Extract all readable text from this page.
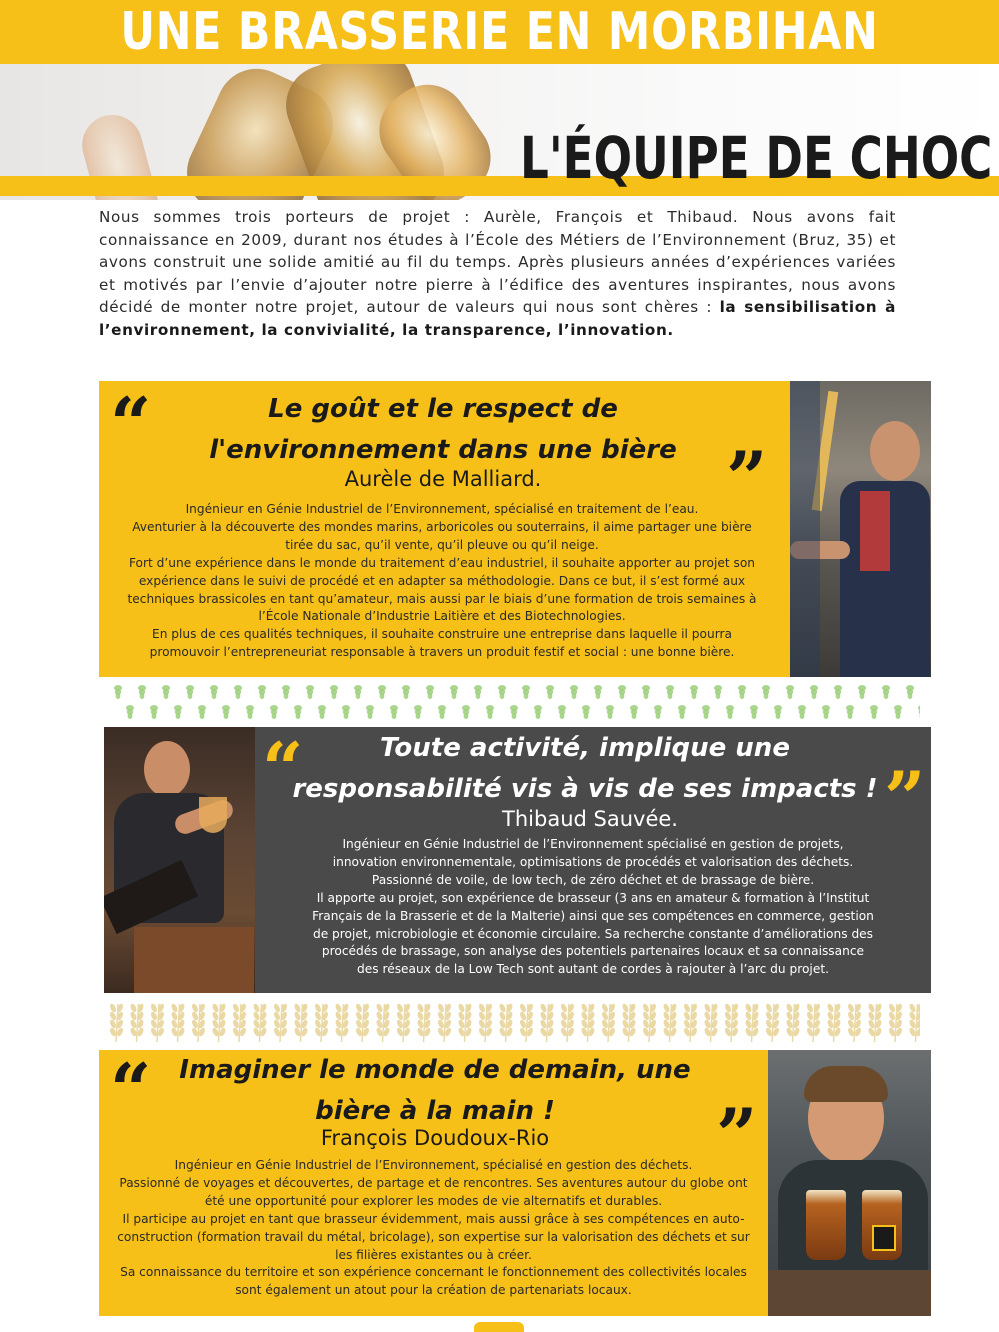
UNE BRASSERIE EN MORBIHAN
L'ÉQUIPE DE CHOC
Nous sommes trois porteurs de projet : Aurèle, François et Thibaud. Nous avons fait connaissance en 2009, durant nos études à l’École des Métiers de l’Environnement (Bruz, 35) et avons construit une solide amitié au fil du temps. Après plusieurs années d’expériences variées et motivés par l’envie d’ajouter notre pierre à l’édifice des aventures inspirantes, nous avons décidé de monter notre projet, autour de valeurs qui nous sont chères : la sensibilisation à l’environnement, la convivialité, la transparence, l’innovation.
“	Le goût et le respect de
l'environnement dans une bière ”
Aurèle de Malliard.
Ingénieur en Génie Industriel de l’Environnement, spécialisé en traitement de l’eau.
Aventurier à la découverte des mondes marins, arboricoles ou souterrains, il aime partager une bière
tirée du sac, qu’il vente, qu’il pleuve ou qu’il neige.
Fort d’une expérience dans le monde du traitement d’eau industriel, il souhaite apporter au projet son
expérience dans le suivi de procédé et en adapter sa méthodologie. Dans ce but, il s’est formé aux
techniques brassicoles en tant qu’amateur, mais aussi par le biais d’une formation de trois semaines à
l’École Nationale d’Industrie Laitière et des Biotechnologies.
En plus de ces qualités techniques, il souhaite construire une entreprise dans laquelle il pourra
promouvoir l’entrepreneuriat responsable à travers un produit festif et social : une bonne bière.
“	Toute activité, implique une
responsabilité vis à vis de ses impacts ! ”
Thibaud Sauvée.
Ingénieur en Génie Industriel de l’Environnement spécialisé en gestion de projets,
innovation environnementale, optimisations de procédés et valorisation des déchets.
Passionné de voile, de low tech, de zéro déchet et de brassage de bière.
Il apporte au projet, son expérience de brasseur (3 ans en amateur & formation à l’Institut
Français de la Brasserie et de la Malterie) ainsi que ses compétences en commerce, gestion
de projet, microbiologie et économie circulaire. Sa recherche constante d’améliorations des
procédés de brassage, son analyse des potentiels partenaires locaux et sa connaissance
des réseaux de la Low Tech sont autant de cordes à rajouter à l’arc du projet.
“	Imaginer le monde de demain, une
bière à la main !	”
François Doudoux-Rio
Ingénieur en Génie Industriel de l’Environnement, spécialisé en gestion des déchets.
Passionné de voyages et découvertes, de partage et de rencontres. Ses aventures autour du globe ont
été une opportunité pour explorer les modes de vie alternatifs et durables.
Il participe au projet en tant que brasseur évidemment, mais aussi grâce à ses compétences en auto-
construction (formation travail du métal, bricolage), son expertise sur la valorisation des déchets et sur
les filières existantes ou à créer.
Sa connaissance du territoire et son expérience concernant le fonctionnement des collectivités locales
sont également un atout pour la création de partenariats locaux.
